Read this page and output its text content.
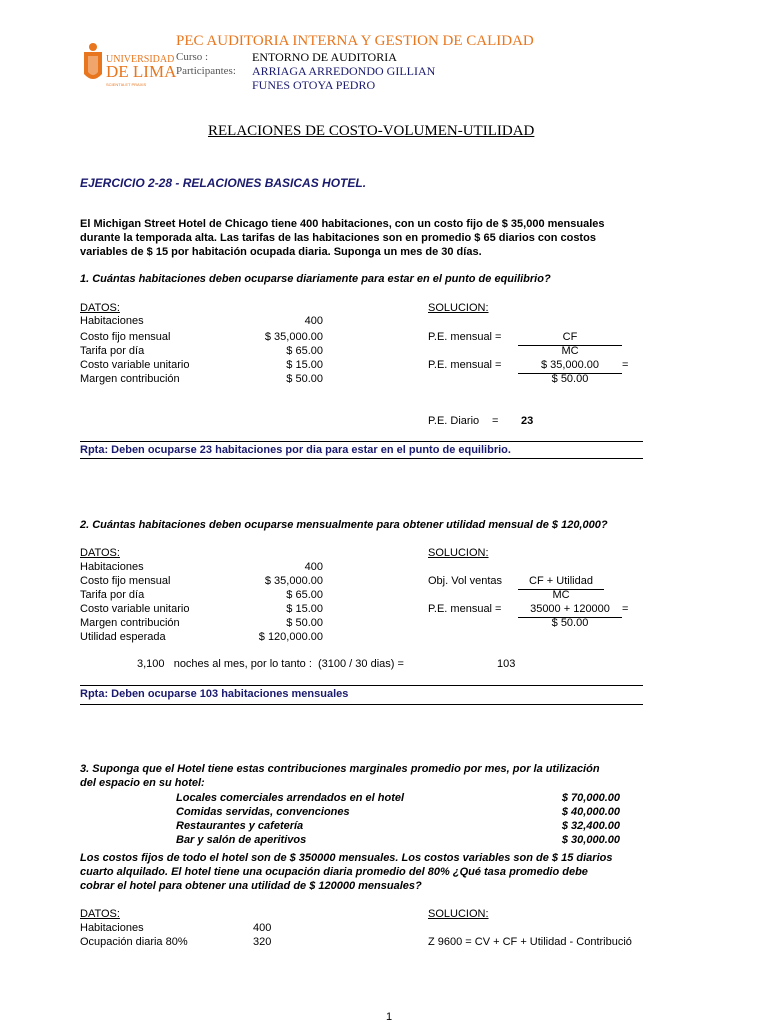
UNIVERSIDAD
DE LIMA
SCIENTIA ET PRAXIS
PEC AUDITORIA INTERNA Y GESTION DE CALIDAD
Curso :	ENTORNO DE AUDITORIA
Participantes: ARRIAGA ARREDONDO GILLIAN
FUNES OTOYA PEDRO
RELACIONES DE COSTO-VOLUMEN-UTILIDAD
EJERCICIO 2-28 - RELACIONES BASICAS HOTEL.
El Michigan Street Hotel de Chicago tiene 400 habitaciones, con un costo fijo de $ 35,000 mensuales
durante la temporada alta. Las tarifas de las habitaciones son en promedio $ 65 diarios con costos
variables de $ 15 por habitación ocupada diaria. Suponga un mes de 30 días.
1. Cuántas habitaciones deben ocuparse diariamente para estar en el punto de equilibrio?
DATOS:	SOLUCION:
Habitaciones	400
Costo fijo mensual	$ 35,000.00
Tarifa por día	$ 65.00
Costo variable unitario	$ 15.00
Margen contribución	$ 50.00
P.E. mensual =	CF
MC
P.E. mensual =	$ 35,000.00	=
$ 50.00
P.E. Diario = 23
Rpta: Deben ocuparse 23 habitaciones por dia para estar en el punto de equilibrio.
2. Cuántas habitaciones deben ocuparse mensualmente para obtener utilidad mensual de $ 120,000?
DATOS:	SOLUCION:
Habitaciones	400
Costo fijo mensual	$ 35,000.00
Tarifa por día	$ 65.00
Costo variable unitario	$ 15.00
Margen contribución	$ 50.00
Utilidad esperada	$ 120,000.00
Obj. Vol ventas	CF + Utilidad
MC
P.E. mensual =	35000 + 120000	=
$ 50.00
3,100   noches al mes, por lo tanto :  (3100 / 30 dias) =	103
Rpta: Deben ocuparse 103 habitaciones mensuales
3. Suponga que el Hotel tiene estas contribuciones marginales promedio por mes, por la utilización
del espacio en su hotel:
Locales comerciales arrendados en el hotel	$ 70,000.00
Comidas servidas, convenciones	$ 40,000.00
Restaurantes y cafetería	$ 32,400.00
Bar y salón de aperitivos	$ 30,000.00
Los costos fijos de todo el hotel son de $ 350000 mensuales. Los costos variables son de $ 15 diarios
cuarto alquilado. El hotel tiene una ocupación diaria promedio del 80% ¿Qué tasa promedio debe
cobrar el hotel para obtener una utilidad de $ 120000 mensuales?
DATOS:	SOLUCION:
Habitaciones	400
Ocupación diaria 80%	320	Z 9600 = CV + CF + Utilidad - Contribució
1
